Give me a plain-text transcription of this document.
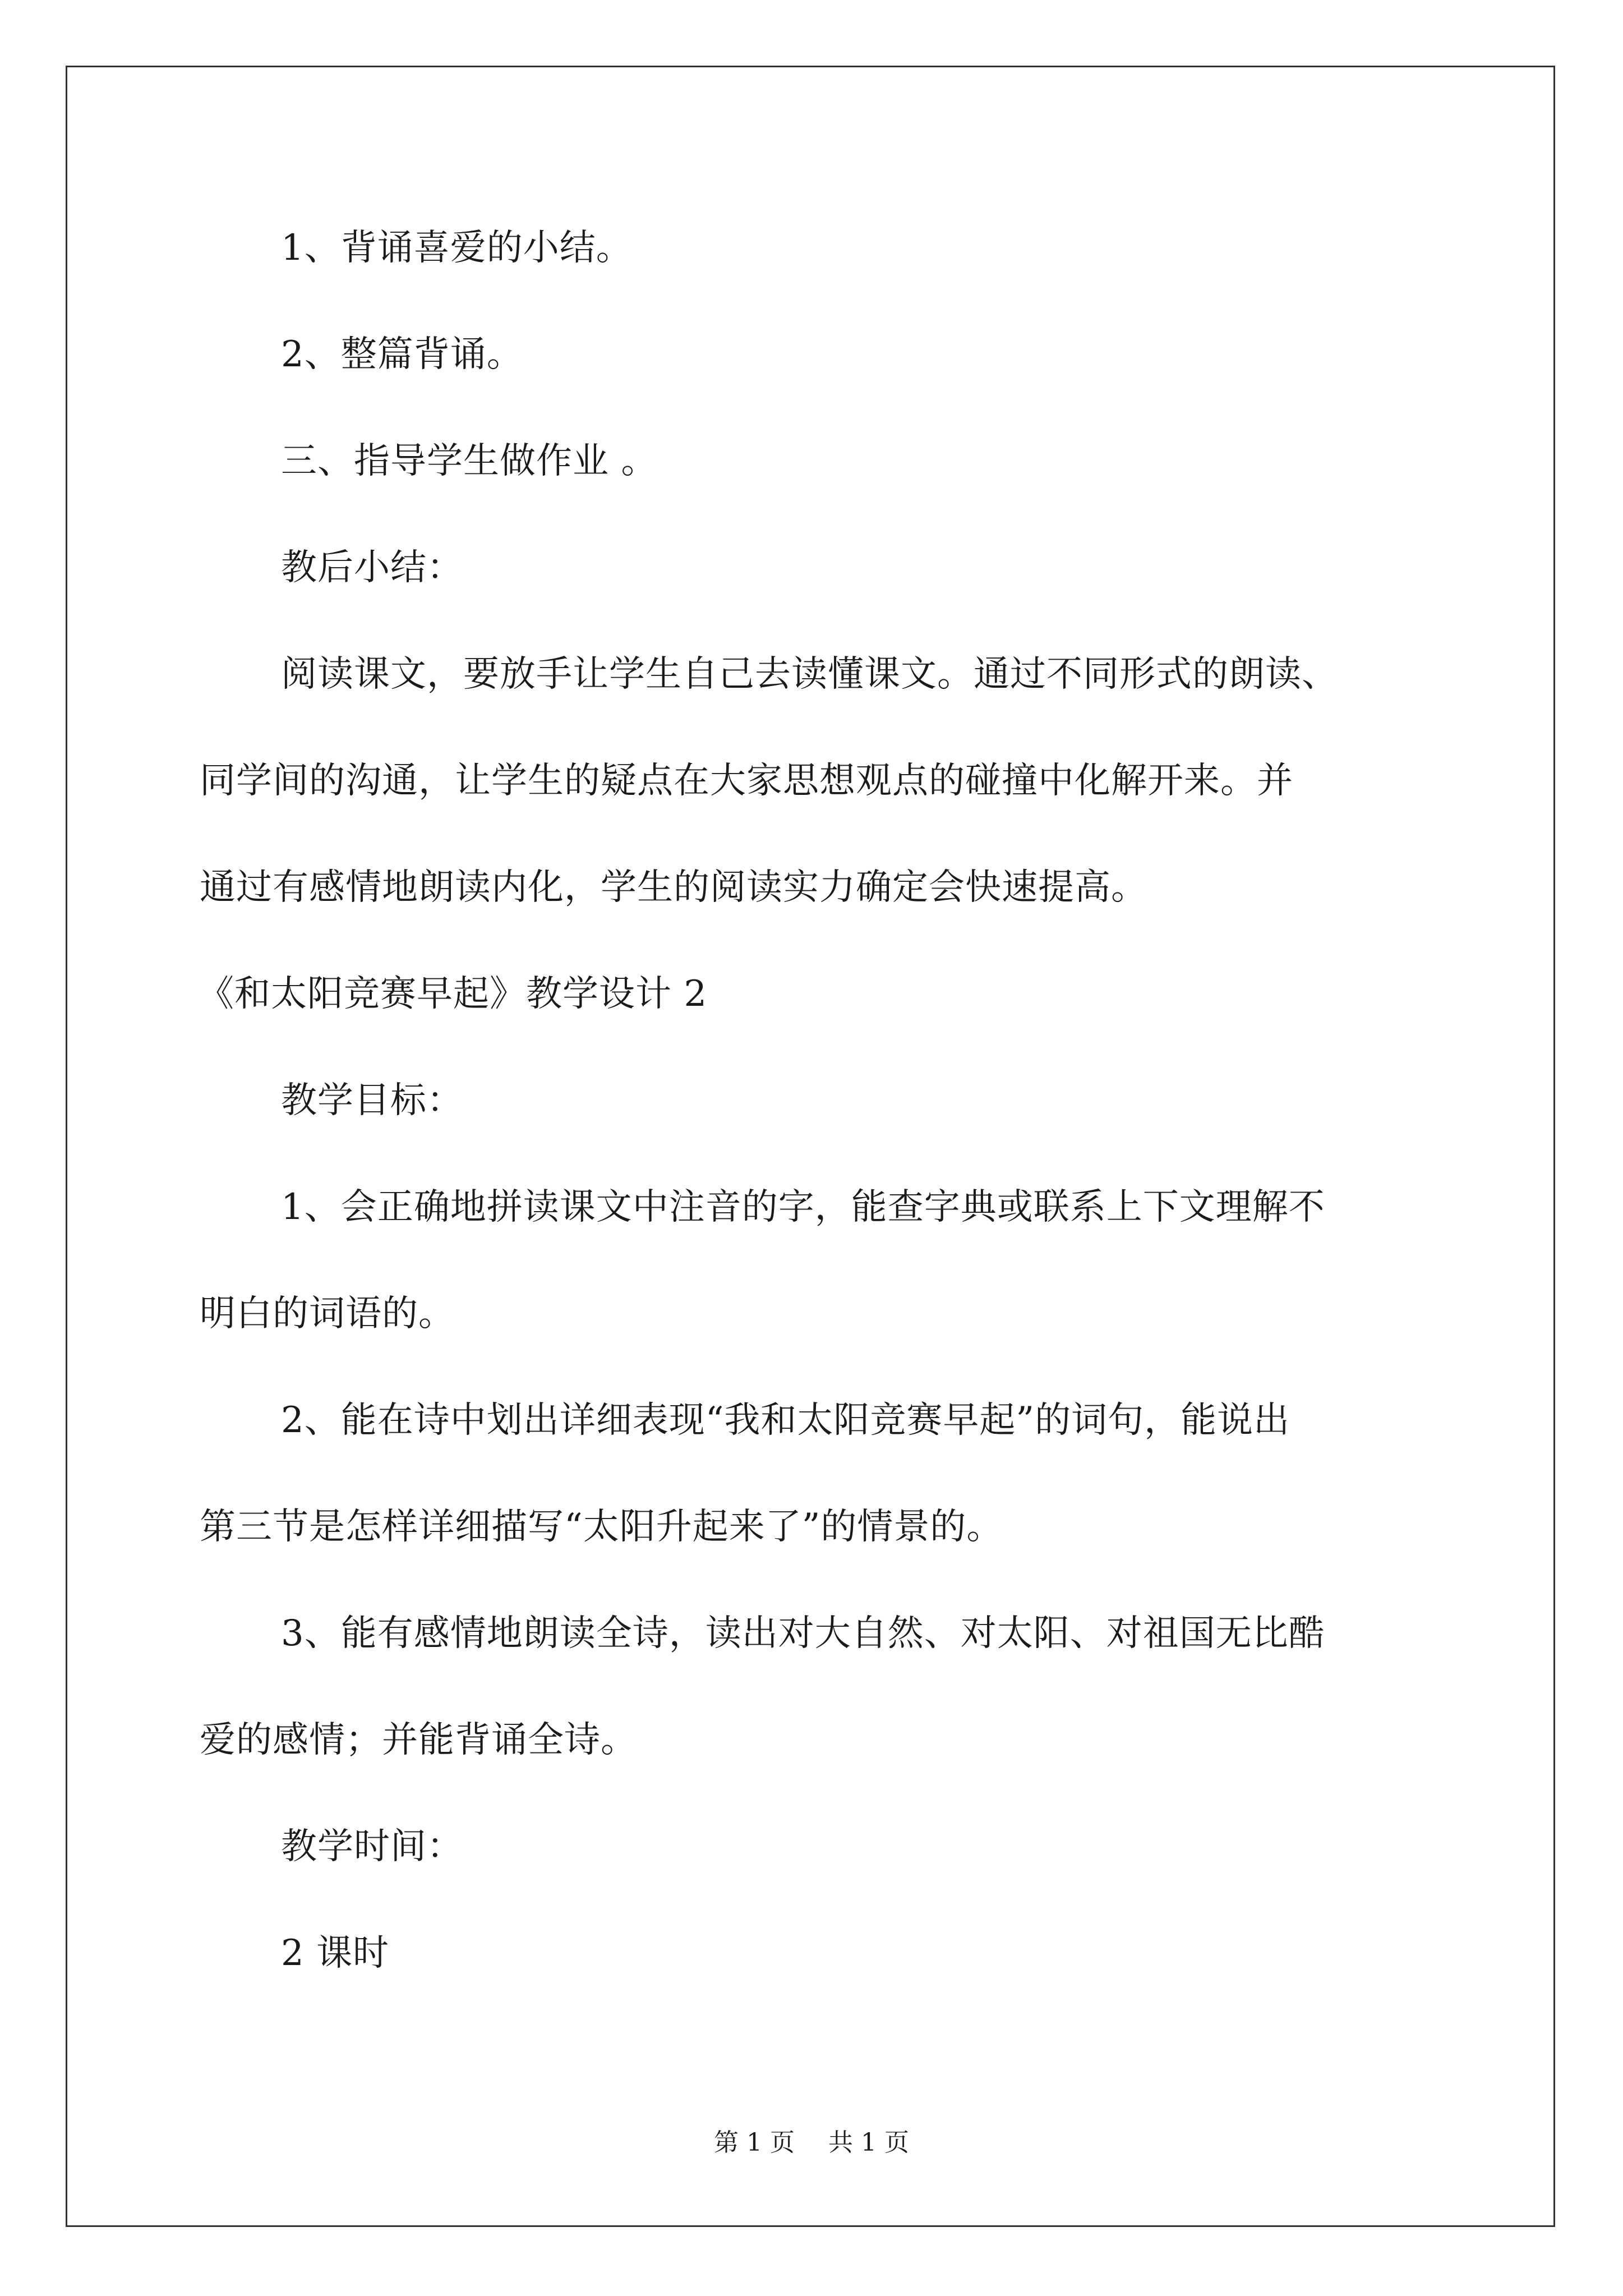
1、背诵喜爱的小结。
2、整篇背诵。
三、指导学生做作业 。
教后小结：
阅读课文，要放手让学生自己去读懂课文。通过不同形式的朗读、
同学间的沟通，让学生的疑点在大家思想观点的碰撞中化解开来。并
通过有感情地朗读内化，学生的阅读实力确定会快速提高。
《和太阳竞赛早起》教学设计 2
教学目标：
1、会正确地拼读课文中注音的字，能查字典或联系上下文理解不
明白的词语的。
2、能在诗中划出详细表现“我和太阳竞赛早起”的词句，能说出
第三节是怎样详细描写“太阳升起来了”的情景的。
3、能有感情地朗读全诗，读出对大自然、对太阳、对祖国无比酷
爱的感情；并能背诵全诗。
教学时间：
2 课时
第 1 页 共 1 页
